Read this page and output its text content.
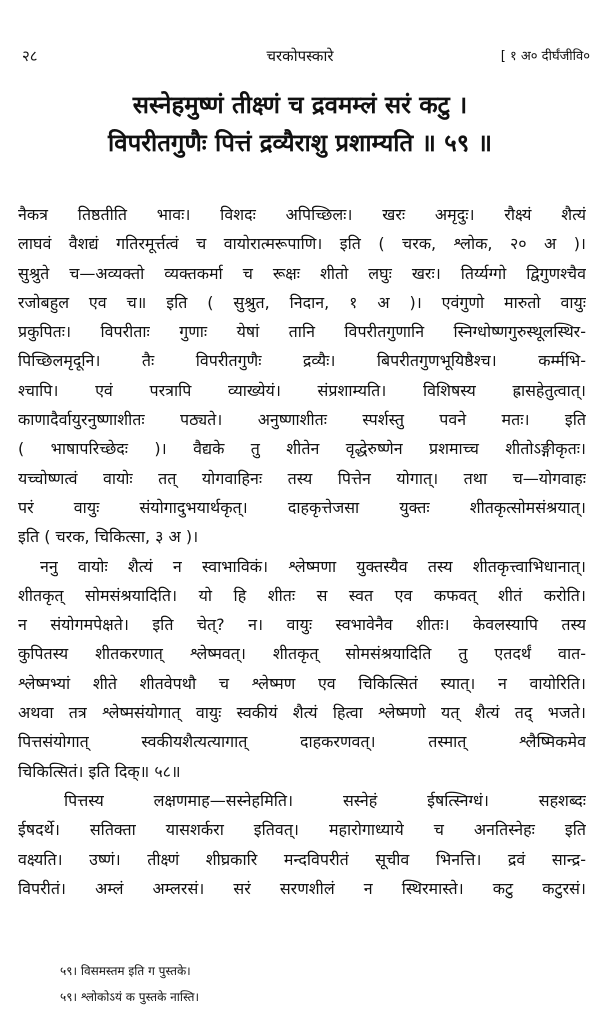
२८	चरकोपस्कारे	[ १ अ० दीर्घंजीवि०
सस्नेहमुष्णं तीक्ष्णं च द्रवमम्लं सरं कटु ।
विपरीतगुणैः पित्तं द्रव्यैराशु प्रशाम्यति ॥ ५९ ॥
नैकत्र तिष्ठतीति भावः। विशदः अपिच्छिलः। खरः अमृदुः। रौक्ष्यं शैत्यं
लाघवं वैशद्यं गतिरमूर्त्तत्वं च वायोरात्मरूपाणि। इति ( चरक, श्लोक, २० अ )।
सुश्रुते च—अव्यक्तो व्यक्तकर्मा च रूक्षः शीतो लघुः खरः। तिर्य्यग्गो द्विगुणश्चैव
रजोबहुल एव च॥ इति ( सुश्रुत, निदान, १ अ )। एवंगुणो मारुतो वायुः
प्रकुपितः। विपरीताः गुणाः येषां तानि विपरीतगुणानि स्निग्धोष्णगुरुस्थूलस्थिर-
पिच्छिलमृदूनि। तैः विपरीतगुणैः द्रव्यैः। बिपरीतगुणभूयिष्ठैश्च। कर्म्मभि-
श्चापि। एवं परत्रापि व्याख्येयं। संप्रशाम्यति। विशिषस्य ह्रासहेतुत्वात्।
काणादैर्वायुरनुष्णाशीतः पठ्यते। अनुष्णाशीतः स्पर्शस्तु पवने मतः। इति
( भाषापरिच्छेदः )। वैद्यके तु शीतेन वृद्धेरुष्णेन प्रशमाच्च शीतोऽङ्गीकृतः।
यच्चोष्णत्वं वायोः तत् योगवाहिनः तस्य पित्तेन योगात्। तथा च—योगवाहः
परं वायुः संयोगादुभयार्थकृत्। दाहकृत्तेजसा युक्तः शीतकृत्सोमसंश्रयात्।
इति ( चरक, चिकित्सा, ३ अ )।
ननु वायोः शैत्यं न स्वाभाविकं। श्लेष्मणा युक्तस्यैव तस्य शीतकृत्त्वाभिधानात्।
शीतकृत् सोमसंश्रयादिति। यो हि शीतः स स्वत एव कफवत् शीतं करोति।
न संयोगमपेक्षते। इति चेत्? न। वायुः स्वभावेनैव शीतः। केवलस्यापि तस्य
कुपितस्य शीतकरणात् श्लेष्मवत्। शीतकृत् सोमसंश्रयादिति तु एतदर्थं वात-
श्लेष्मभ्यां शीते शीतवेपथौ च श्लेष्मण एव चिकित्सितं स्यात्। न वायोरिति।
अथवा तत्र श्लेष्मसंयोगात् वायुः स्वकीयं शैत्यं हित्वा श्लेष्मणो यत् शैत्यं तद् भजते।
पित्तसंयोगात् स्वकीयशैत्यत्यागात् दाहकरणवत्। तस्मात् श्लैष्मिकमेव
चिकित्सितं। इति दिक्॥ ५८॥
पित्तस्य लक्षणमाह—सस्नेहमिति। सस्नेहं ईषत्स्निग्धं। सहशब्दः
ईषदर्थे। सतिक्ता यासशर्करा इतिवत्। महारोगाध्याये च अनतिस्नेहः इति
वक्ष्यति। उष्णं। तीक्ष्णं शीघ्रकारि मन्दविपरीतं सूचीव भिनत्ति। द्रवं सान्द्र-
विपरीतं। अम्लं अम्लरसं। सरं सरणशीलं न स्थिरमास्ते। कटु कटुरसं।
५९। विसमस्तम इति ग पुस्तके।
५९। श्लोकोऽयं क पुस्तके नास्ति।
